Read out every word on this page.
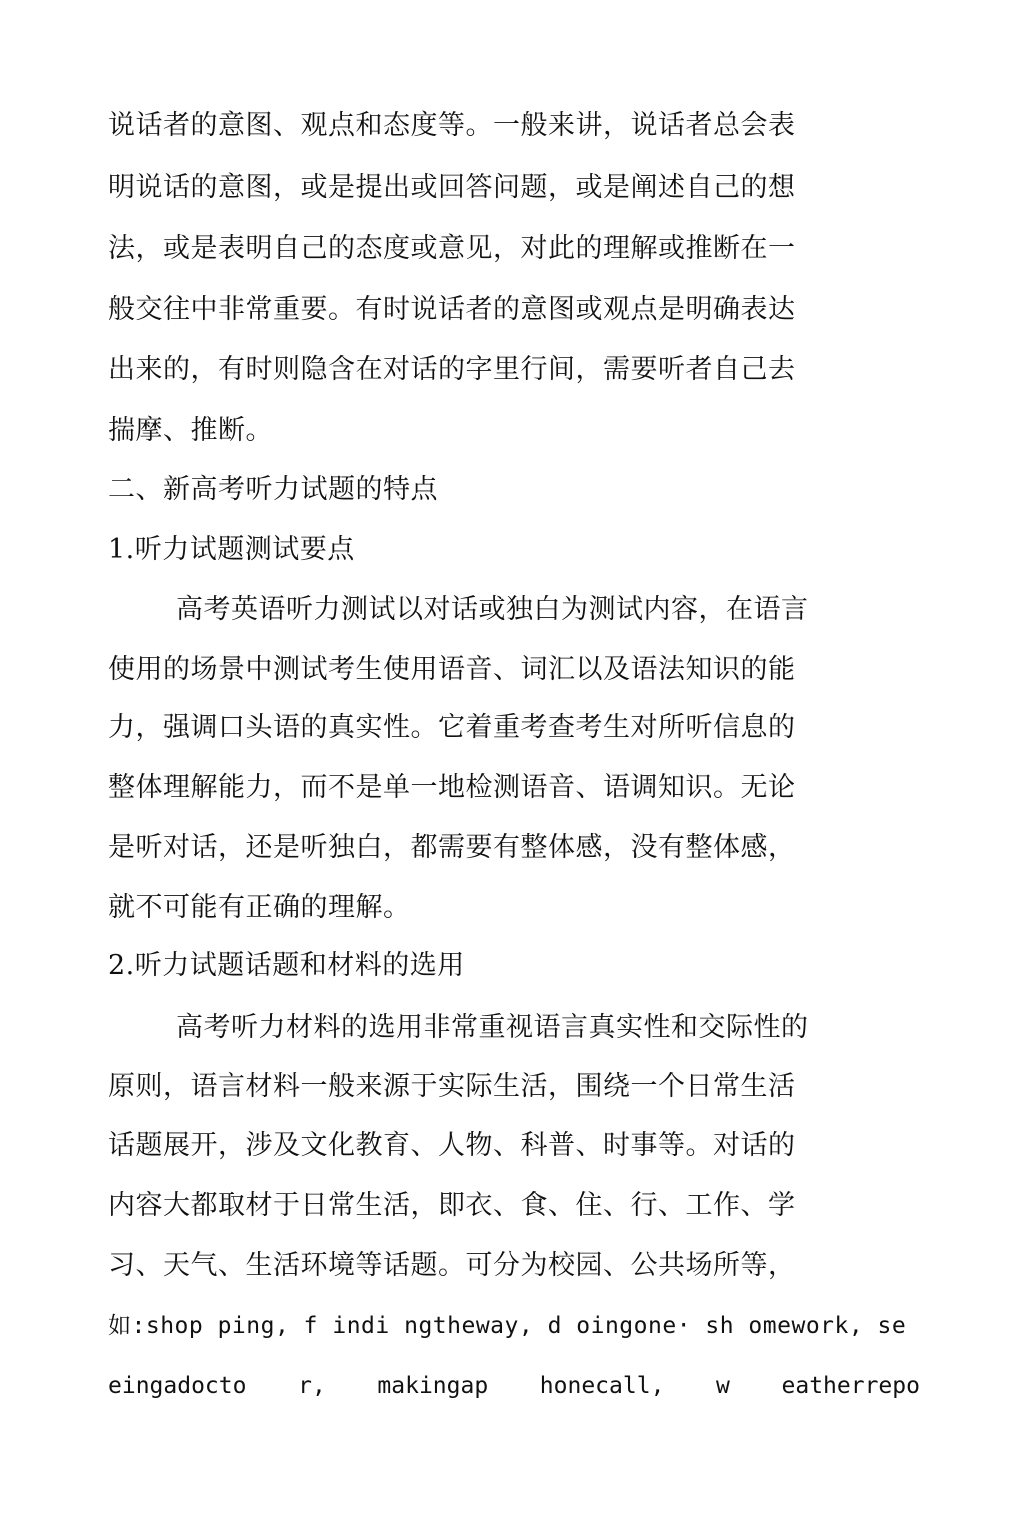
说话者的意图、观点和态度等。一般来讲，说话者总会表
明说话的意图，或是提出或回答问题，或是阐述自己的想
法，或是表明自己的态度或意见，对此的理解或推断在一
般交往中非常重要。有时说话者的意图或观点是明确表达
出来的，有时则隐含在对话的字里行间，需要听者自己去
揣摩、推断。
二、新高考听力试题的特点
1.听力试题测试要点
高考英语听力测试以对话或独白为测试内容，在语言
使用的场景中测试考生使用语音、词汇以及语法知识的能
力，强调口头语的真实性。它着重考查考生对所听信息的
整体理解能力，而不是单一地检测语音、语调知识。无论
是听对话，还是听独白，都需要有整体感，没有整体感，
就不可能有正确的理解。
2.听力试题话题和材料的选用
高考听力材料的选用非常重视语言真实性和交际性的
原则，语言材料一般来源于实际生活，围绕一个日常生活
话题展开，涉及文化教育、人物、科普、时事等。对话的
内容大都取材于日常生活，即衣、食、住、行、工作、学
习、天气、生活环境等话题。可分为校园、公共场所等，
如:shop ping, f indi ngtheway, d oingone· sh omework, se
eingadocto r, makingap honecall, w eatherrepo
